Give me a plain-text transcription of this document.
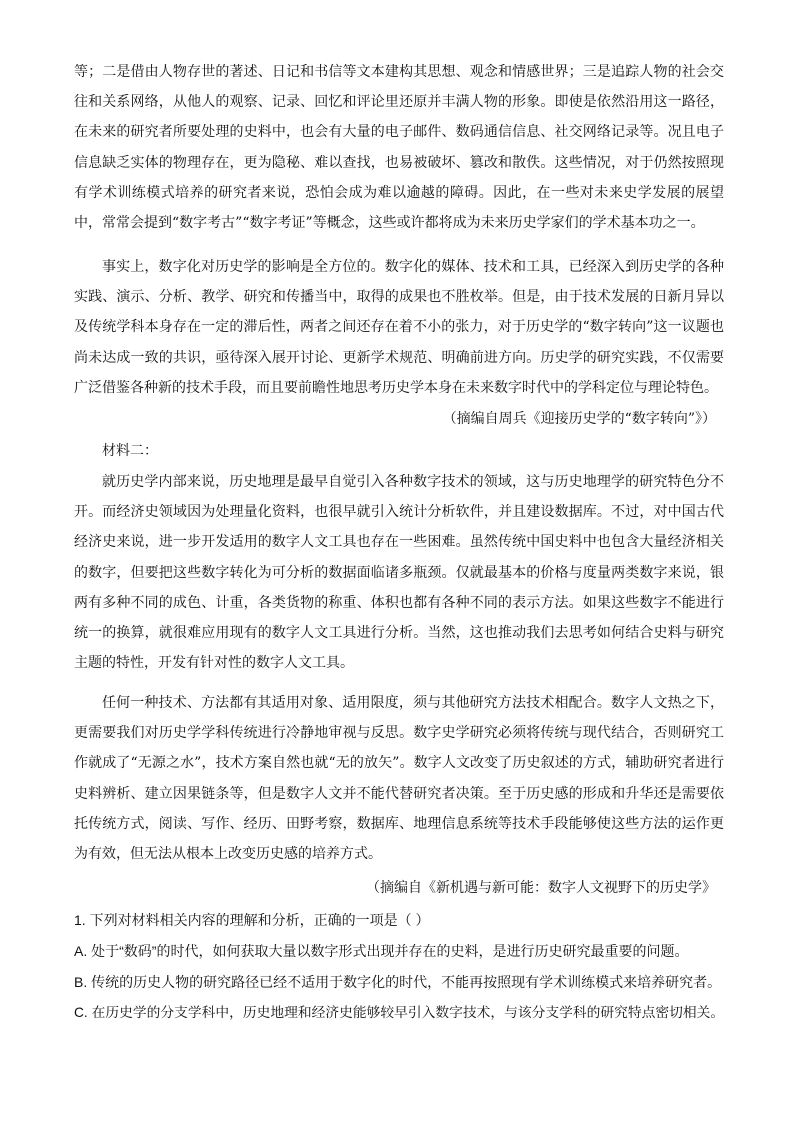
等；二是借由人物存世的著述、日记和书信等文本建构其思想、观念和情感世界；三是追踪人物的社会交往和关系网络，从他人的观察、记录、回忆和评论里还原并丰满人物的形象。即使是依然沿用这一路径，在未来的研究者所要处理的史料中，也会有大量的电子邮件、数码通信信息、社交网络记录等。况且电子信息缺乏实体的物理存在，更为隐秘、难以查找，也易被破坏、篡改和散佚。这些情况，对于仍然按照现有学术训练模式培养的研究者来说，恐怕会成为难以逾越的障碍。因此，在一些对未来史学发展的展望中，常常会提到“数字考古”“数字考证”等概念，这些或许都将成为未来历史学家们的学术基本功之一。

事实上，数字化对历史学的影响是全方位的。数字化的媒体、技术和工具，已经深入到历史学的各种实践、演示、分析、教学、研究和传播当中，取得的成果也不胜枚举。但是，由于技术发展的日新月异以及传统学科本身存在一定的滞后性，两者之间还存在着不小的张力，对于历史学的“数字转向”这一议题也尚未达成一致的共识，亟待深入展开讨论、更新学术规范、明确前进方向。历史学的研究实践，不仅需要广泛借鉴各种新的技术手段，而且要前瞻性地思考历史学本身在未来数字时代中的学科定位与理论特色。

（摘编自周兵《迎接历史学的“数字转向”》）

材料二：

就历史学内部来说，历史地理是最早自觉引入各种数字技术的领域，这与历史地理学的研究特色分不开。而经济史领域因为处理量化资料，也很早就引入统计分析软件，并且建设数据库。不过，对中国古代经济史来说，进一步开发适用的数字人文工具也存在一些困难。虽然传统中国史料中也包含大量经济相关的数字，但要把这些数字转化为可分析的数据面临诸多瓶颈。仅就最基本的价格与度量两类数字来说，银两有多种不同的成色、计重，各类货物的称重、体积也都有各种不同的表示方法。如果这些数字不能进行统一的换算，就很难应用现有的数字人文工具进行分析。当然，这也推动我们去思考如何结合史料与研究主题的特性，开发有针对性的数字人文工具。

任何一种技术、方法都有其适用对象、适用限度，须与其他研究方法技术相配合。数字人文热之下，更需要我们对历史学学科传统进行冷静地审视与反思。数字史学研究必须将传统与现代结合，否则研究工作就成了“无源之水”，技术方案自然也就“无的放矢”。数字人文改变了历史叙述的方式，辅助研究者进行史料辨析、建立因果链条等，但是数字人文并不能代替研究者决策。至于历史感的形成和升华还是需要依托传统方式，阅读、写作、经历、田野考察，数据库、地理信息系统等技术手段能够使这些方法的运作更为有效，但无法从根本上改变历史感的培养方式。

（摘编自《新机遇与新可能：数字人文视野下的历史学》

1. 下列对材料相关内容的理解和分析，正确的一项是（ ）

A. 处于“数码”的时代，如何获取大量以数字形式出现并存在的史料，是进行历史研究最重要的问题。

B. 传统的历史人物的研究路径已经不适用于数字化的时代，不能再按照现有学术训练模式来培养研究者。

C. 在历史学的分支学科中，历史地理和经济史能够较早引入数字技术，与该分支学科的研究特点密切相关。
